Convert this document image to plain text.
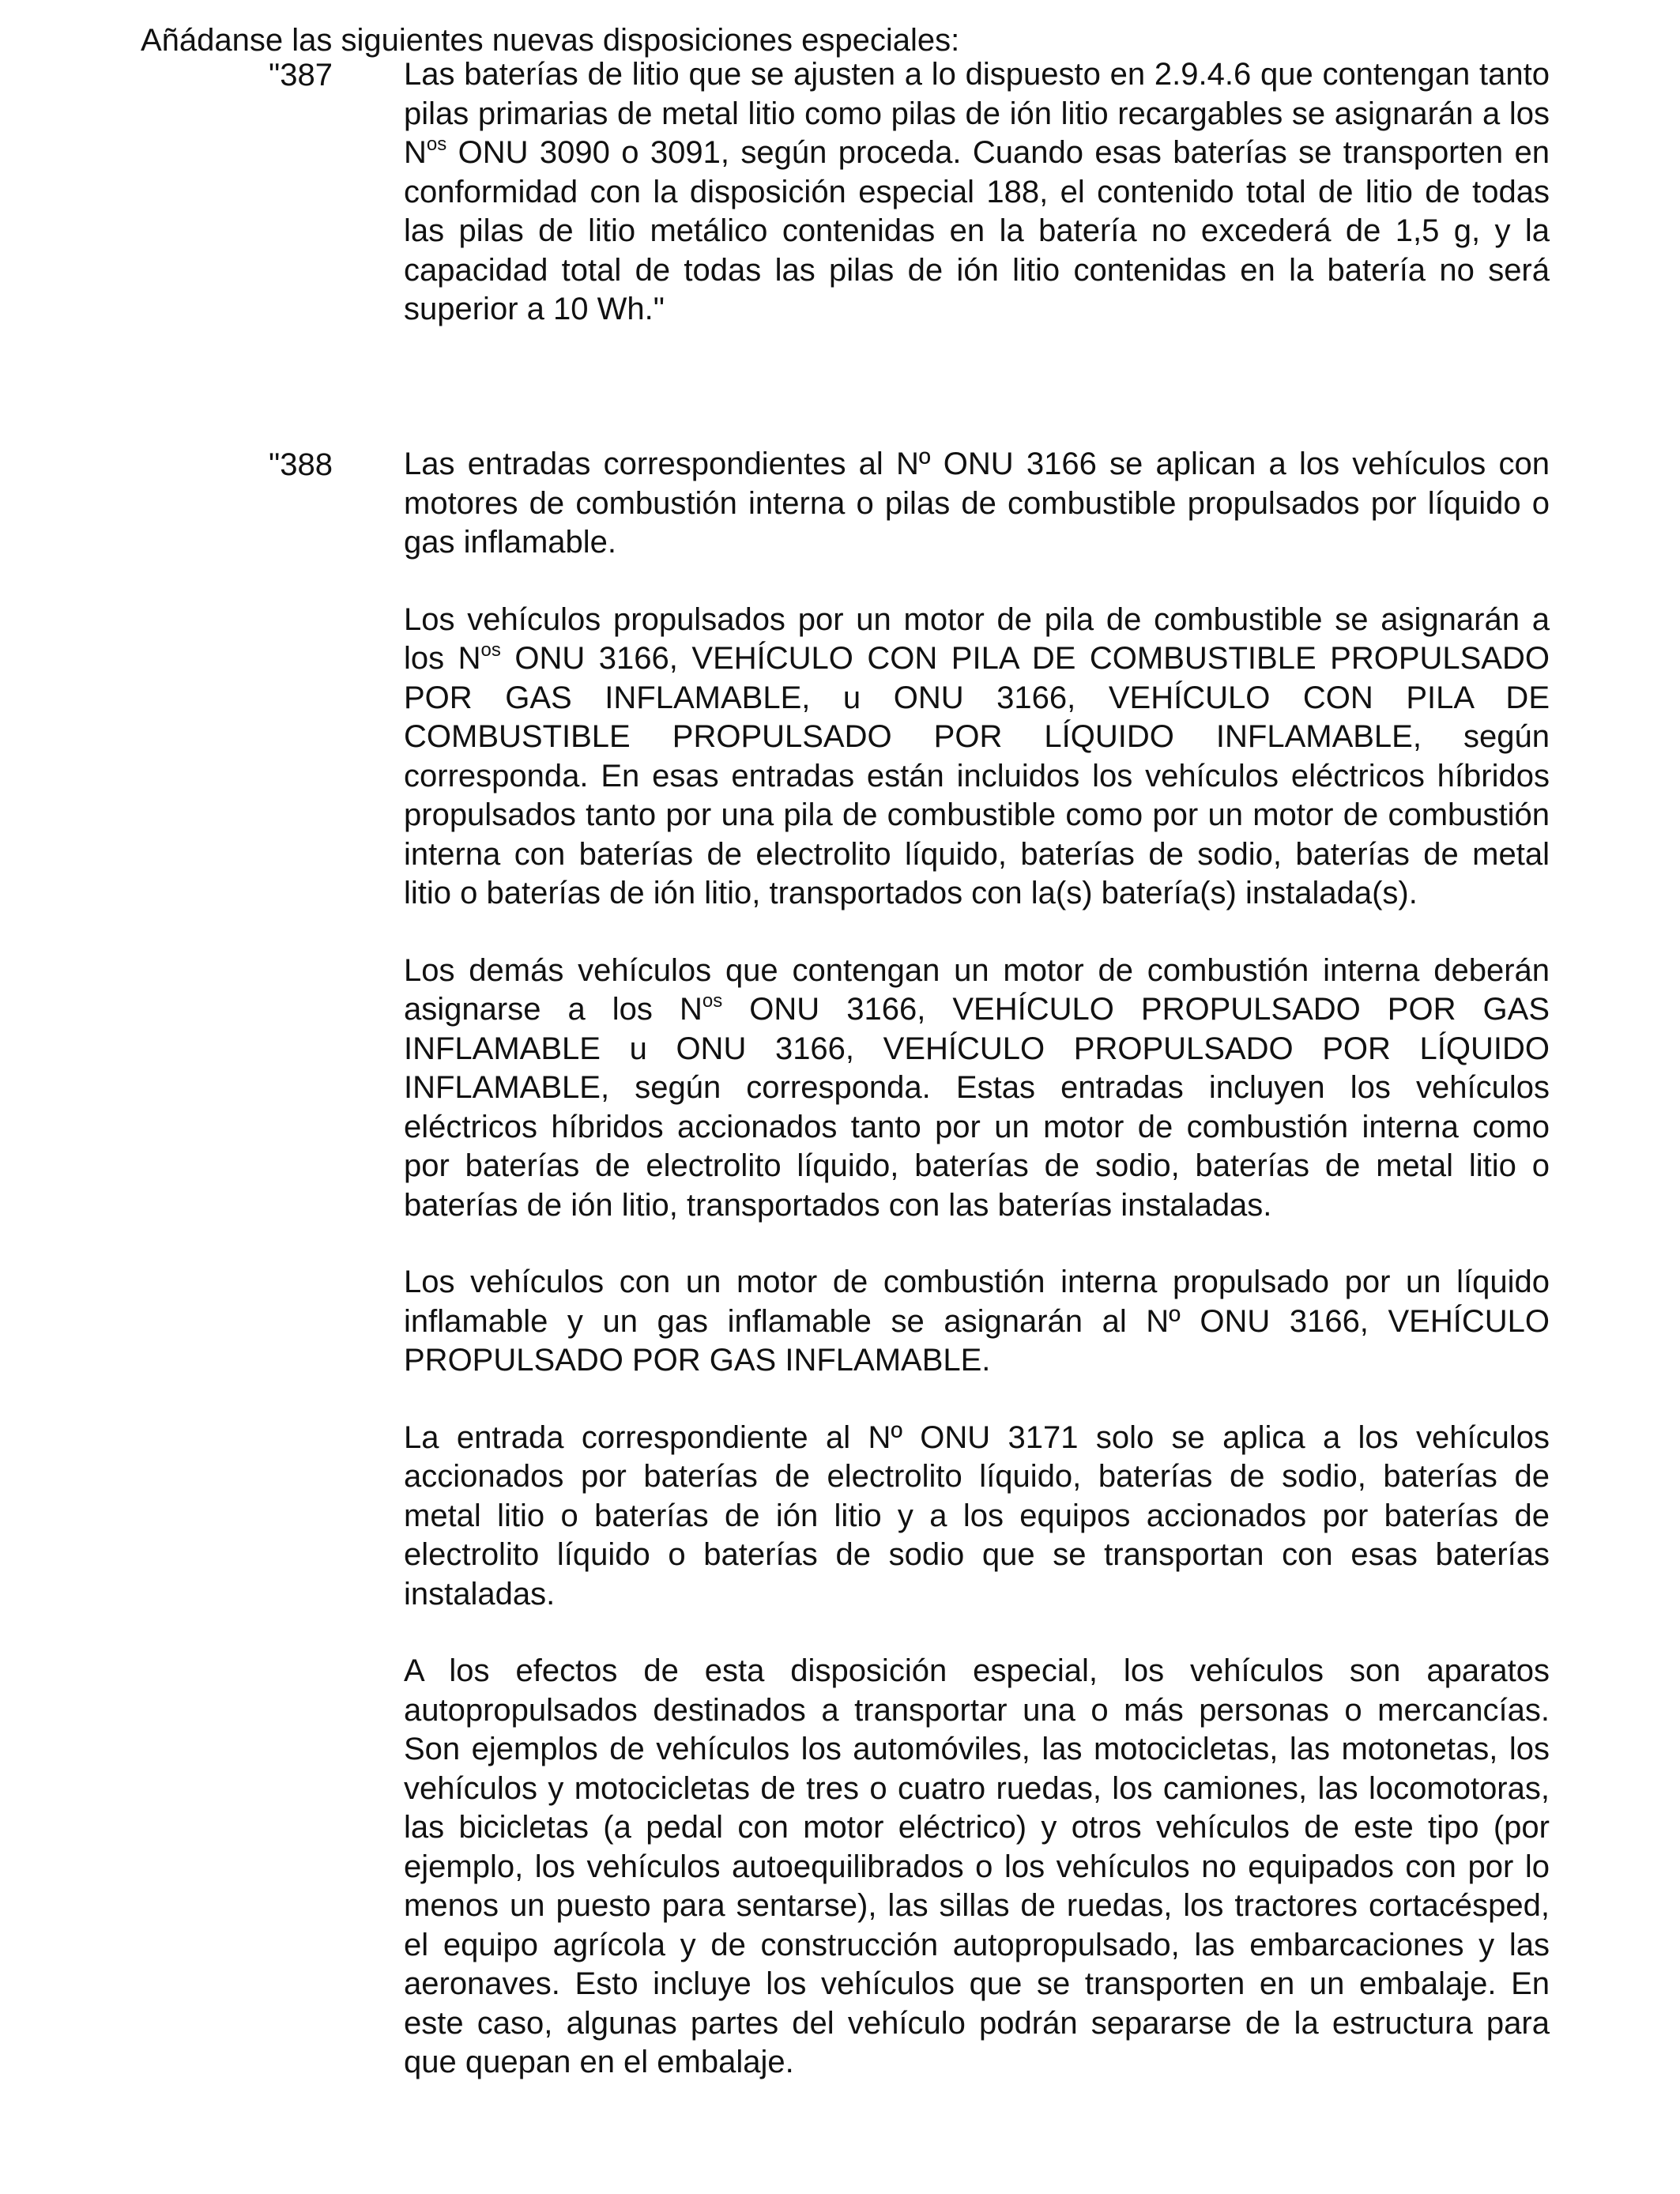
Añádanse las siguientes nuevas disposiciones especiales:
"387 Las baterías de litio que se ajusten a lo dispuesto en 2.9.4.6 que contengan tanto pilas primarias de metal litio como pilas de ión litio recargables se asignarán a los $N^{os}$ ONU 3090 o 3091, según proceda. Cuando esas baterías se transporten en conformidad con la disposición especial 188, el contenido total de litio de todas las pilas de litio metálico contenidas en la batería no excederá de 1,5 g, y la capacidad total de todas las pilas de ión litio contenidas en la batería no será superior a 10 Wh."

"388 Las entradas correspondientes al Nº ONU 3166 se aplican a los vehículos con motores de combustión interna o pilas de combustible propulsados por líquido o gas inflamable.

Los vehículos propulsados por un motor de pila de combustible se asignarán a los $N^{os}$ ONU 3166, VEHÍCULO CON PILA DE COMBUSTIBLE PROPULSADO POR GAS INFLAMABLE, u ONU 3166, VEHÍCULO CON PILA DE COMBUSTIBLE PROPULSADO POR LÍQUIDO INFLAMABLE, según corresponda. En esas entradas están incluidos los vehículos eléctricos híbridos propulsados tanto por una pila de combustible como por un motor de combustión interna con baterías de electrolito líquido, baterías de sodio, baterías de metal litio o baterías de ión litio, transportados con la(s) batería(s) instalada(s).

Los demás vehículos que contengan un motor de combustión interna deberán asignarse a los $N^{os}$ ONU 3166, VEHÍCULO PROPULSADO POR GAS INFLAMABLE u ONU 3166, VEHÍCULO PROPULSADO POR LÍQUIDO INFLAMABLE, según corresponda. Estas entradas incluyen los vehículos eléctricos híbridos accionados tanto por un motor de combustión interna como por baterías de electrolito líquido, baterías de sodio, baterías de metal litio o baterías de ión litio, transportados con las baterías instaladas.

Los vehículos con un motor de combustión interna propulsado por un líquido inflamable y un gas inflamable se asignarán al Nº ONU 3166, VEHÍCULO PROPULSADO POR GAS INFLAMABLE.

La entrada correspondiente al Nº ONU 3171 solo se aplica a los vehículos accionados por baterías de electrolito líquido, baterías de sodio, baterías de metal litio o baterías de ión litio y a los equipos accionados por baterías de electrolito líquido o baterías de sodio que se transportan con esas baterías instaladas.

A los efectos de esta disposición especial, los vehículos son aparatos autopropulsados destinados a transportar una o más personas o mercancías. Son ejemplos de vehículos los automóviles, las motocicletas, las motonetas, los vehículos y motocicletas de tres o cuatro ruedas, los camiones, las locomotoras, las bicicletas (a pedal con motor eléctrico) y otros vehículos de este tipo (por ejemplo, los vehículos autoequilibrados o los vehículos no equipados con por lo menos un puesto para sentarse), las sillas de ruedas, los tractores cortacésped, el equipo agrícola y de construcción autopropulsado, las embarcaciones y las aeronaves. Esto incluye los vehículos que se transporten en un embalaje. En este caso, algunas partes del vehículo podrán separarse de la estructura para que quepan en el embalaje.
